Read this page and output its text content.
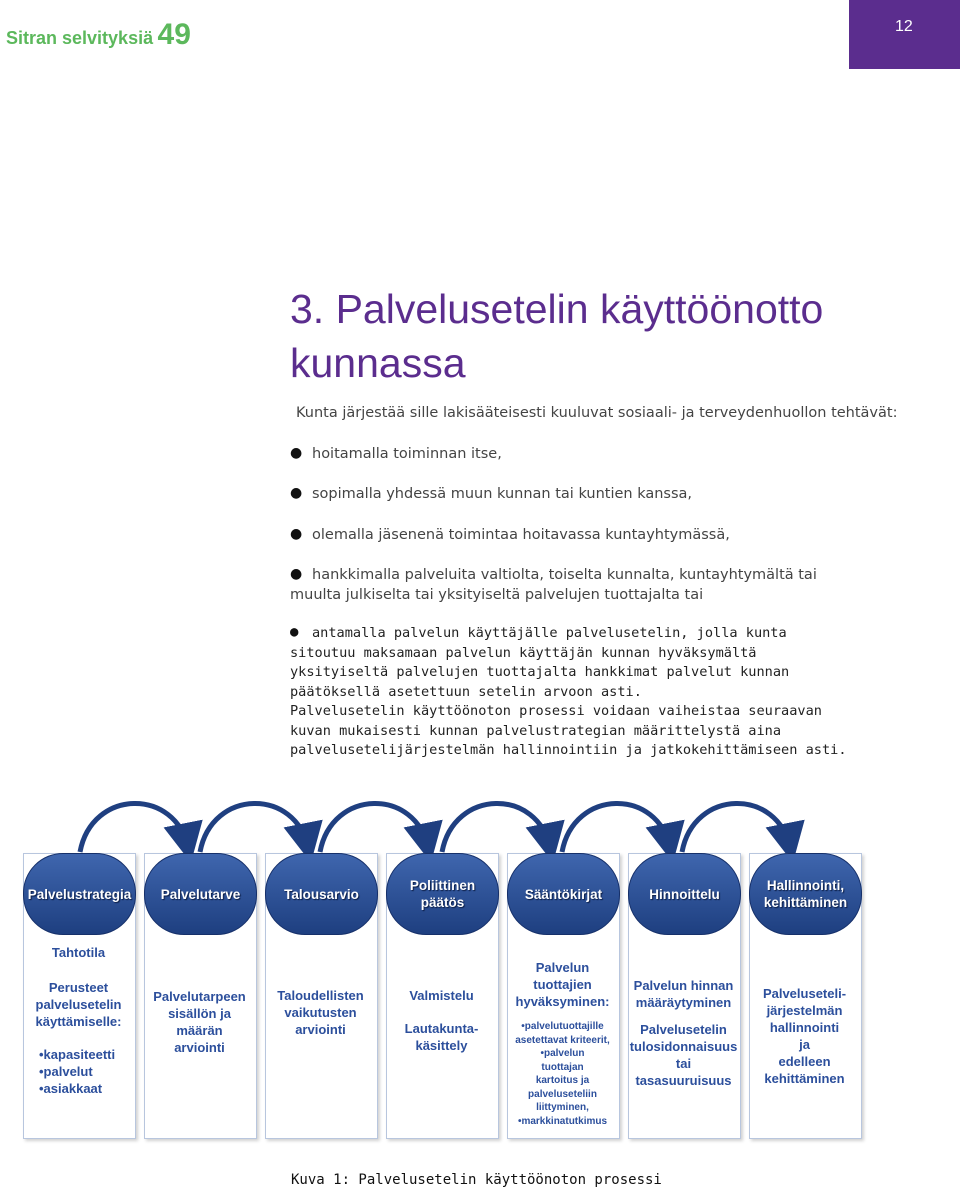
Sitran selvityksiä 49	12
3. Palvelusetelin käyttöönotto kunnassa

Kunta järjestää sille lakisääteisesti kuuluvat sosiaali- ja terveydenhuollon tehtävät:

● hoitamalla toiminnan itse,
● sopimalla yhdessä muun kunnan tai kuntien kanssa,
● olemalla jäsenenä toimintaa hoitavassa kuntayhtymässä,
● hankkimalla palveluita valtiolta, toiselta kunnalta, kuntayhtymältä tai muulta julkiselta tai yksityiseltä palvelujen tuottajalta tai
● antamalla palvelun käyttäjälle palvelusetelin, jolla kunta sitoutuu maksamaan palvelun käyttäjän kunnan hyväksymältä yksityiseltä palvelujen tuottajalta hankkimat palvelut kunnan päätöksellä asetettuun setelin arvoon asti.

Palvelusetelin käyttöönoton prosessi voidaan vaiheistaa seuraavan kuvan mukaisesti kunnan palvelustrategian määrittelystä aina palvelusetelijärjestelmän hallinnointiin ja jatkokehittämiseen asti.

Palvelustrategia
Tahtotila
Perusteet
palvelusetelin
käyttämiselle:
•kapasiteetti
•palvelut
•asiakkaat
Palvelutarve
Palvelutarpeen
sisällön ja
määrän
arviointi
Talousarvio
Taloudellisten
vaikutusten
arviointi
Poliittinen
päätös
Valmistelu
Lautakunta-
käsittely
Sääntökirjat
Palvelun
tuottajien
hyväksyminen:
•palvelutuottajille
asetettavat kriteerit,
•palvelun
tuottajan
kartoitus ja
palveluseteliin
liittyminen,
•markkinatutkimus
Hinnoittelu
Palvelun hinnan
määräytyminen
Palvelusetelin
tulosidonnaisuus
tai
tasasuuruisuus
Hallinnointi,
kehittäminen
Palveluseteli-
järjestelmän
hallinnointi
ja
edelleen
kehittäminen

Kuva 1: Palvelusetelin käyttöönoton prosessi
